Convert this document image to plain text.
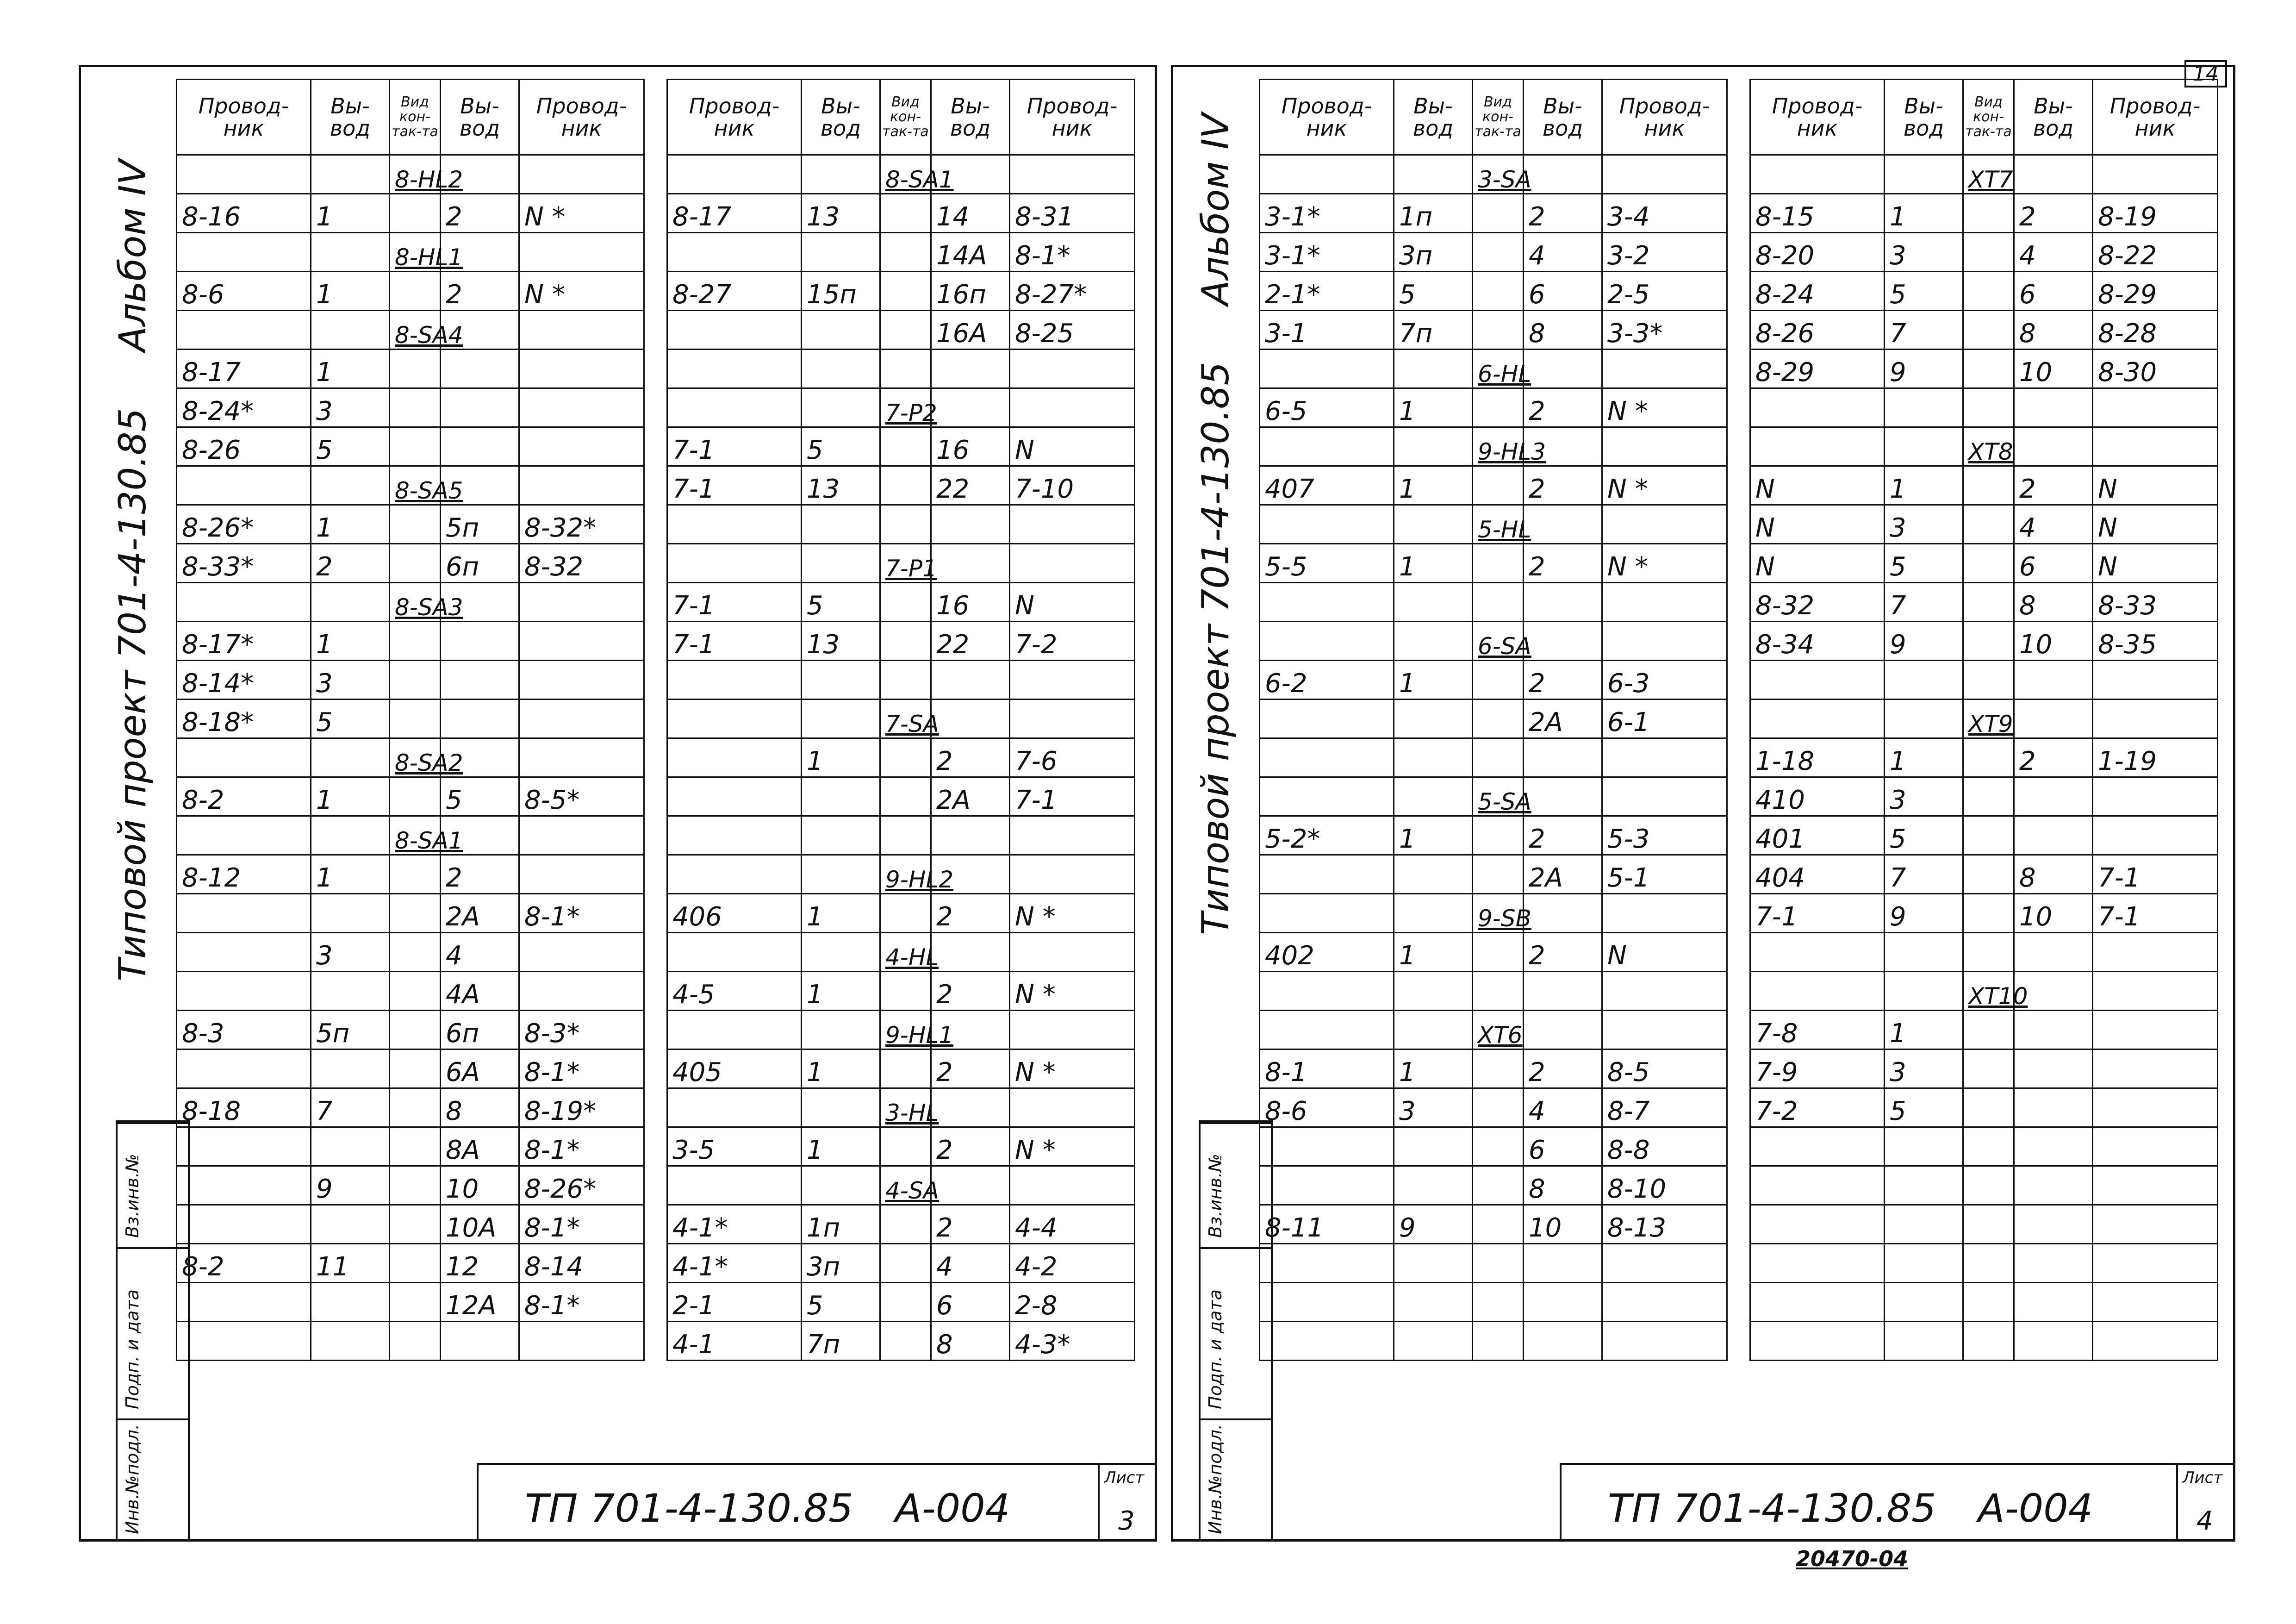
14
Типовой проект 701-4-130.85
Альбом IV
Вз.инв.№
Подп. и дата
Инв.№подл.
Провод-ник	Вы-вод	Вид кон-так-та	Вы-вод	Провод-ник
		8-HL2		
8-16	1		2	N *
		8-HL1		
8-6	1		2	N *
		8-SA4		
8-17	1			
8-24*	3			
8-26	5			
		8-SA5		
8-26*	1		5п	8-32*
8-33*	2		6п	8-32
		8-SA3		
8-17*	1			
8-14*	3			
8-18*	5			
		8-SA2		
8-2	1		5	8-5*
		8-SA1		
8-12	1		2	
			2А	8-1*
	3		4	
			4А	
8-3	5п		6п	8-3*
			6А	8-1*
8-18	7		8	8-19*
			8А	8-1*
	9		10	8-26*
			10А	8-1*
8-2	11		12	8-14
			12А	8-1*

Провод-ник	Вы-вод	Вид кон-так-та	Вы-вод	Провод-ник
		8-SA1		
8-17	13		14	8-31
			14А	8-1*
8-27	15п		16п	8-27*
			16А	8-25

		7-P2		
7-1	5		16	N
7-1	13		22	7-10

		7-P1		
7-1	5		16	N
7-1	13		22	7-2

		7-SA		
	1		2	7-6
			2А	7-1

		9-HL2		
406	1		2	N *
		4-HL		
4-5	1		2	N *
		9-HL1		
405	1		2	N *
		3-HL		
3-5	1		2	N *
		4-SA		
4-1*	1п		2	4-4
4-1*	3п		4	4-2
2-1	5		6	2-8
4-1	7п		8	4-3*
ТП 701-4-130.85 А-004
Лист
3
Типовой проект 701-4-130.85
Альбом IV
Вз.инв.№
Подп. и дата
Инв.№подл.
Провод-ник	Вы-вод	Вид кон-так-та	Вы-вод	Провод-ник
		3-SA		
3-1*	1п		2	3-4
3-1*	3п		4	3-2
2-1*	5		6	2-5
3-1	7п		8	3-3*
		6-HL		
6-5	1		2	N *
		9-HL3		
407	1		2	N *
		5-HL		
5-5	1		2	N *

		6-SA		
6-2	1		2	6-3
			2А	6-1

		5-SA		
5-2*	1		2	5-3
			2А	5-1
		9-SB		
402	1		2	N

		XT6		
8-1	1		2	8-5
8-6	3		4	8-7
			6	8-8
			8	8-10
8-11	9		10	8-13

Провод-ник	Вы-вод	Вид кон-так-та	Вы-вод	Провод-ник
		XT7		
8-15	1		2	8-19
8-20	3		4	8-22
8-24	5		6	8-29
8-26	7		8	8-28
8-29	9		10	8-30

		XT8		
N	1		2	N
N	3		4	N
N	5		6	N
8-32	7		8	8-33
8-34	9		10	8-35

		XT9		
1-18	1		2	1-19
410	3			
401	5			
404	7		8	7-1
7-1	9		10	7-1

		XT10		
7-8	1			
7-9	3			
7-2	5			

ТП 701-4-130.85 А-004
Лист
4
20470-04
